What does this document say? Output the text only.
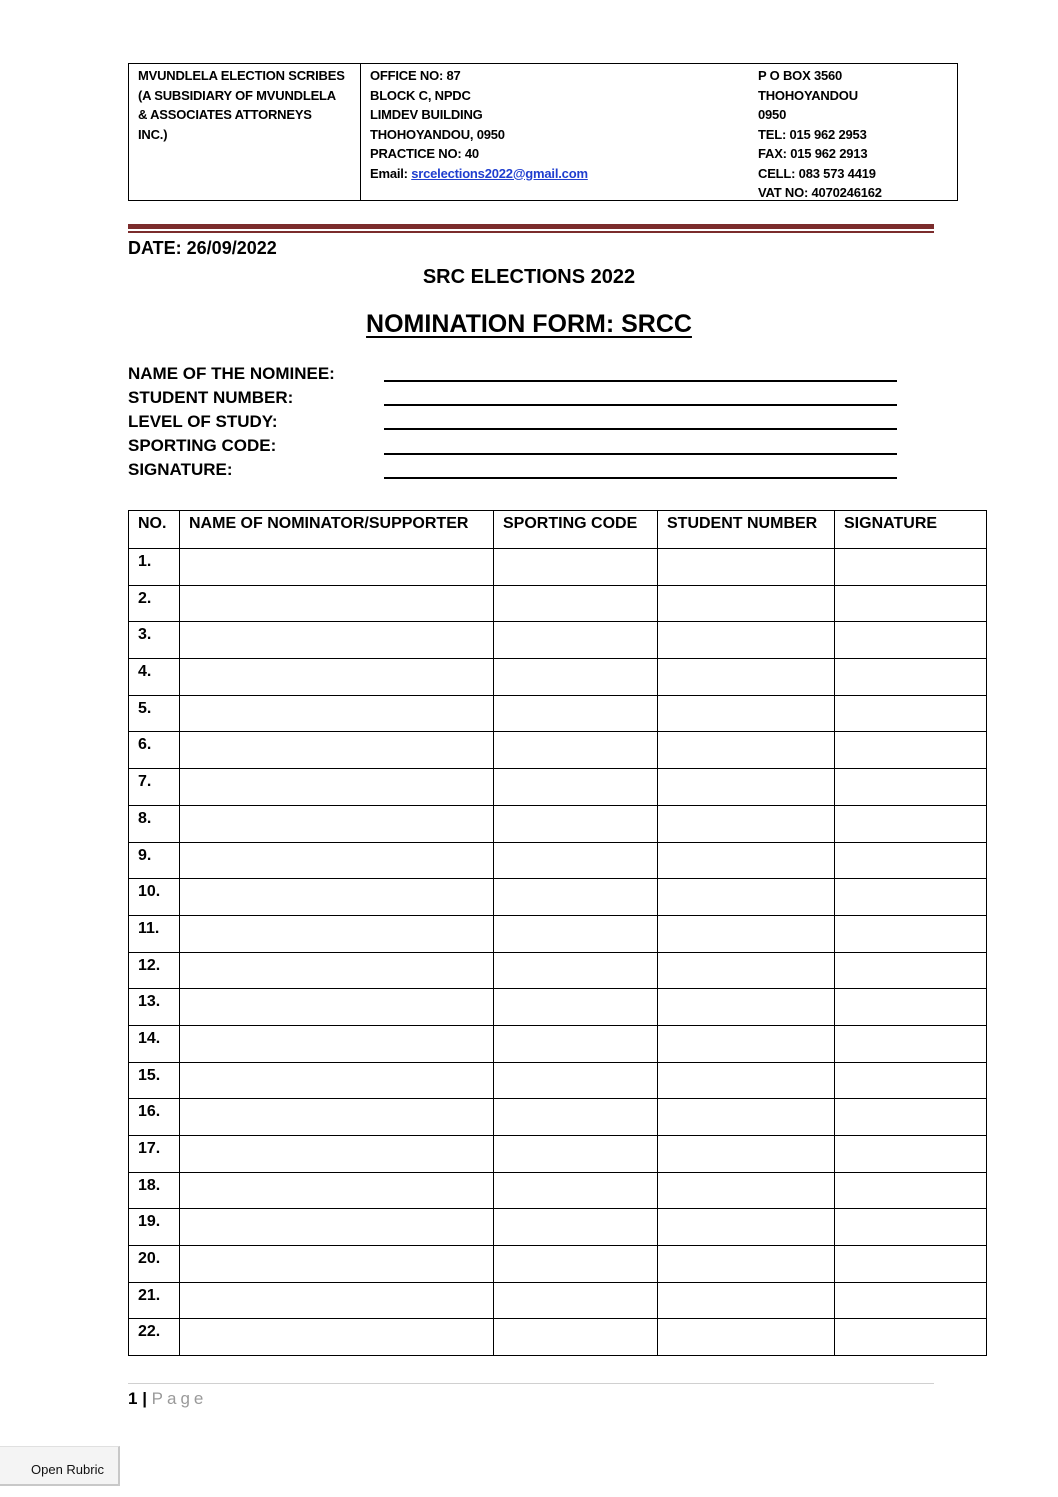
MVUNDLELA ELECTION SCRIBES
(A SUBSIDIARY OF MVUNDLELA
& ASSOCIATES ATTORNEYS
INC.)
OFFICE NO: 87
BLOCK C, NPDC
LIMDEV BUILDING
THOHOYANDOU, 0950
PRACTICE NO: 40
Email: srcelections2022@gmail.com
P O BOX 3560
THOHOYANDOU
0950
TEL: 015 962 2953
FAX: 015 962 2913
CELL: 083 573 4419
VAT NO: 4070246162
DATE: 26/09/2022
SRC ELECTIONS 2022
NOMINATION FORM: SRCC
NAME OF THE NOMINEE:
STUDENT NUMBER:
LEVEL OF STUDY:
SPORTING CODE:
SIGNATURE:
NO.	NAME OF NOMINATOR/SUPPORTER	SPORTING CODE	STUDENT NUMBER	SIGNATURE
1.				
2.				
3.				
4.				
5.				
6.				
7.				
8.				
9.				
10.				
11.				
12.				
13.				
14.				
15.				
16.				
17.				
18.				
19.				
20.				
21.				
22.				
1 | Page
Open Rubric
